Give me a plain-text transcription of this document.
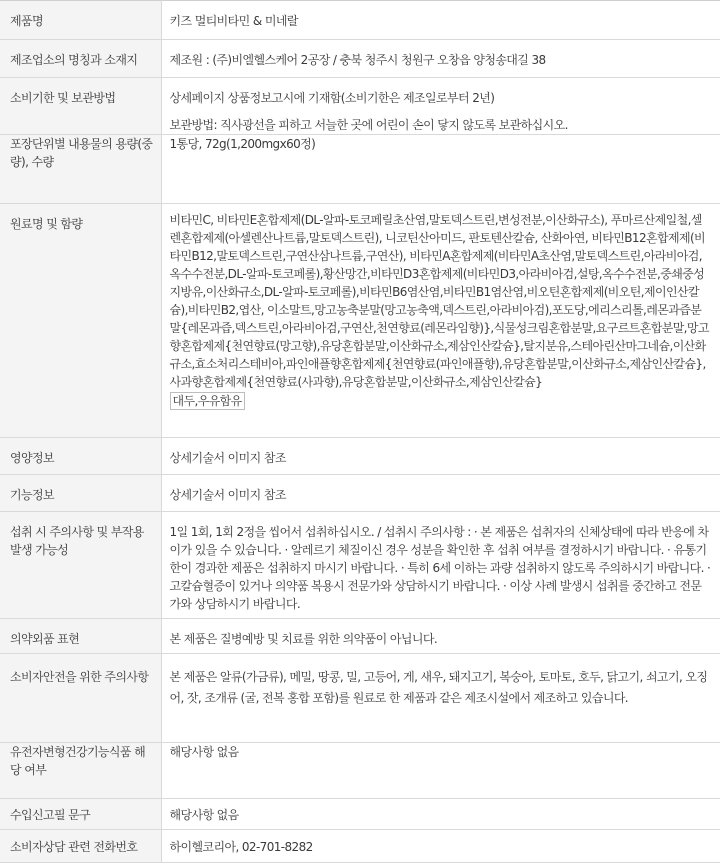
제품명	키즈 멀티비타민 & 미네랄

제조업소의 명칭과 소재지	제조원 : (주)비엘헬스케어 2공장 / 충북 청주시 청원구 오창읍 양청송대길 38

소비기한 및 보관방법	상세페이지 상품정보고시에 기재함(소비기한은 제조일로부터 2년)

보관방법: 직사광선을 피하고 서늘한 곳에 어린이 손이 닿지 않도록 보관하십시오.

포장단위별 내용물의 용량(중량), 수량	1통당, 72g(1,200mgx60정)

원료명 및 함량	비타민C, 비타민E혼합제제(DL-알파-토코페릴초산염,말토덱스트린,변성전분,이산화규소), 푸마르산제일철,셀렌혼합제제(아셀렌산나트륨,말토덱스트린), 니코틴산아미드, 판토텐산칼슘, 산화아연, 비타민B12혼합제제(비타민B12,말토덱스트린,구연산삼나트륨,구연산), 비타민A혼합제제(비타민A초산염,말토덱스트린,아라비아검,옥수수전분,DL-알파-토코페롤),황산망간,비타민D3혼합제제(비타민D3,아라비아검,설탕,옥수수전분,중쇄중성지방유,이산화규소,DL-알파-토코페롤),비타민B6염산염,비타민B1염산염,비오틴혼합제제(비오틴,제이인산칼슘),비타민B2,엽산, 이소말트,망고농축분말(망고농축액,덱스트린,아라비아검),포도당,에리스리톨,레몬과즙분말{레몬과즙,덱스트린,아라비아검,구연산,천연향료(레몬라임향)},식물성크림혼합분말,요구르트혼합분말,망고향혼합제제{천연향료(망고향),유당혼합분말,이산화규소,제삼인산칼슘},탈지분유,스테아린산마그네슘,이산화규소,효소처리스테비아,파인애플향혼합제제{천연향료(파인애플향),유당혼합분말,이산화규소,제삼인산칼슘}, 사과향혼합제제{천연향료(사과향),유당혼합분말,이산화규소,제삼인산칼슘}

대두,우유함유
영양정보	상세기술서 이미지 참조

기능정보	상세기술서 이미지 참조

섭취 시 주의사항 및 부작용 발생 가능성	1일 1회, 1회 2정을 씹어서 섭취하십시오. / 섭취시 주의사항 : · 본 제품은 섭취자의 신체상태에 따라 반응에 차이가 있을 수 있습니다. · 알레르기 체질이신 경우 성분을 확인한 후 섭취 여부를 결정하시기 바랍니다. · 유통기한이 경과한 제품은 섭취하지 마시기 바랍니다. · 특히 6세 이하는 과량 섭취하지 않도록 주의하시기 바랍니다. · 고칼슘혈증이 있거나 의약품 복용시 전문가와 상담하시기 바랍니다. · 이상 사례 발생시 섭취를 중간하고 전문가와 상담하시기 바랍니다.

의약외품 표현	본 제품은 질병예방 및 치료를 위한 의약품이 아닙니다.

소비자안전을 위한 주의사항	본 제품은 알류(가금류), 메밀, 땅콩, 밀, 고등어, 게, 새우, 돼지고기, 복숭아, 토마토, 호두, 닭고기, 쇠고기, 오징어, 잣, 조개류 (굴, 전복 홍합 포함)를 원료로 한 제품과 같은 제조시설에서 제조하고 있습니다.

유전자변형건강기능식품 해당 여부	해당사항 없음

수입신고필 문구	해당사항 없음

소비자상담 관련 전화번호	하이헬코리아, 02-701-8282
